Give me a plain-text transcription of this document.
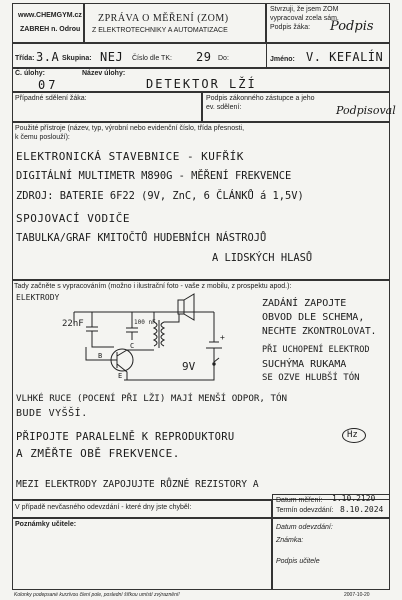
www.CHEMGYM.cz
ZABREH n. Odrou
ZPRÁVA O MĚŘENÍ (ZOM)
Z ELEKTROTECHNIKY A AUTOMATIZACE
Stvrzuji, že jsem ZOM
vypracoval zcela sám.
Podpis žáka: Podpis
Třída: 3.A Skupina: NEJ Číslo dle TK: 29 Do:	Jméno: V. KEFALÍN
Č. úlohy:	Název úlohy:
07	DETEKTOR LŽÍ
Případné sdělení žáka:	Podpis zákonného zástupce a jeho
ev. sdělení:	Podpisoval
Použité přístroje (název, typ, výrobní nebo evidenční číslo, třída přesnosti,
k čemu poslouží):
ELEKTRONICKÁ STAVEBNICE - KUFŘÍK
DIGITÁLNÍ MULTIMETR M890G - MĚŘENÍ FREKVENCE
ZDROJ: BATERIE 6F22 (9V, ZnC, 6 ČLÁNKŮ á 1,5V)
SPOJOVACÍ VODIČE
TABULKA/GRAF KMITOČTŮ HUDEBNÍCH NÁSTROJŮ
A LIDSKÝCH HLASŮ
Tady začněte s vypracováním (možno i ilustrační foto - vaše z mobilu, z prospektu apod.):
ELEKTRODY
22nF	100 nF
B
C
E
9V
+
ZADÁNÍ ZAPOJTE
OBVOD DLE SCHEMA,
NECHTE ZKONTROLOVAT.
PŘI UCHOPENÍ ELEKTROD
SUCHÝMA RUKAMA
SE OZVE HLUBŠÍ TÓN
VLHKÉ RUCE (POCENÍ PŘI LŽI) MAJÍ MENŠÍ ODPOR, TÓN
BUDE VYŠŠÍ.
PŘIPOJTE PARALELNĚ K REPRODUKTORU	Hz
A ZMĚŘTE OBĚ FREKVENCE.
MEZI ELEKTRODY ZAPOJUJTE RŮZNÉ REZISTORY A
V případě nevčasného odevzdání - které dny jste chyběl:
Datum měření: 1.10.2120
Termín odevzdání: 8.10.2024
Poznámky učitele:	Datum odevzdání:
Známka:
Podpis učitele
Kolonky podepsané kurzívou člení pole, poslední šířkou umístí zvýraznění!	2007-10-20
